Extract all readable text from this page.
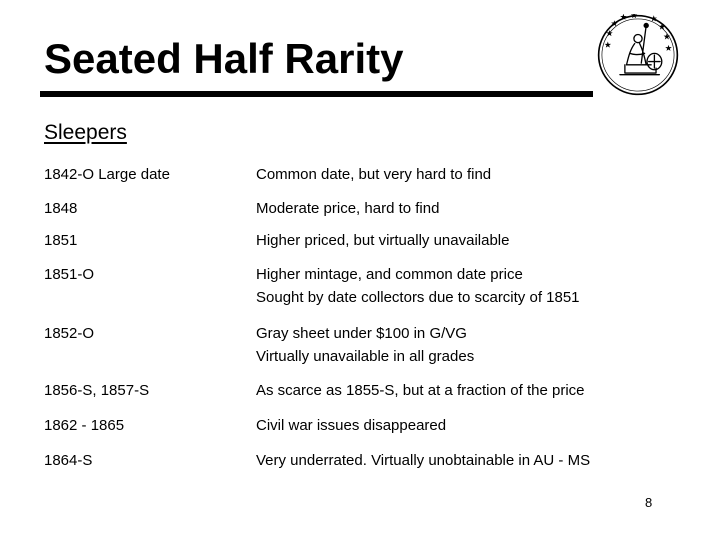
Seated Half Rarity
Sleepers
1842-O Large date	Common date, but very hard to find
1848	Moderate price, hard to find
1851	Higher priced, but virtually unavailable
1851-O	Higher mintage, and common date price
Sought by date collectors due to scarcity of 1851
1852-O	Gray sheet under $100 in G/VG
Virtually unavailable in all grades
1856-S, 1857-S	As scarce as 1855-S, but at a fraction of the price
1862 - 1865	Civil war issues disappeared
1864-S	Very underrated. Virtually unobtainable in AU - MS
8
